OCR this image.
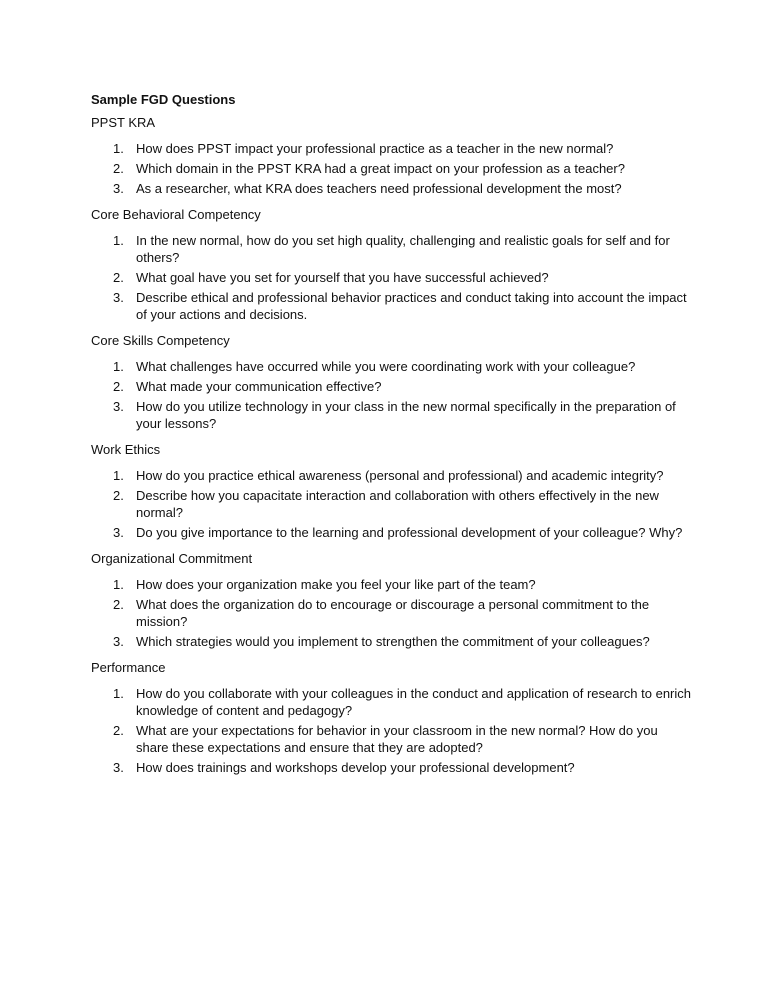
Sample FGD Questions
PPST KRA
1. How does PPST impact your professional practice as a teacher in the new normal?
2. Which domain in the PPST KRA had a great impact on your profession as a teacher?
3. As a researcher, what KRA does teachers need professional development the most?
Core Behavioral Competency
1. In the new normal, how do you set high quality, challenging and realistic goals for self and for others?
2. What goal have you set for yourself that you have successful achieved?
3. Describe ethical and professional behavior practices and conduct taking into account the impact of your actions and decisions.
Core Skills Competency
1. What challenges have occurred while you were coordinating work with your colleague?
2. What made your communication effective?
3. How do you utilize technology in your class in the new normal specifically in the preparation of your lessons?
Work Ethics
1. How do you practice ethical awareness (personal and professional) and academic integrity?
2. Describe how you capacitate interaction and collaboration with others effectively in the new normal?
3. Do you give importance to the learning and professional development of your colleague? Why?
Organizational Commitment
1. How does your organization make you feel your like part of the team?
2. What does the organization do to encourage or discourage a personal commitment to the mission?
3. Which strategies would you implement to strengthen the commitment of your colleagues?
Performance
1. How do you collaborate with your colleagues in the conduct and application of research to enrich knowledge of content and pedagogy?
2. What are your expectations for behavior in your classroom in the new normal? How do you share these expectations and ensure that they are adopted?
3. How does trainings and workshops develop your professional development?
